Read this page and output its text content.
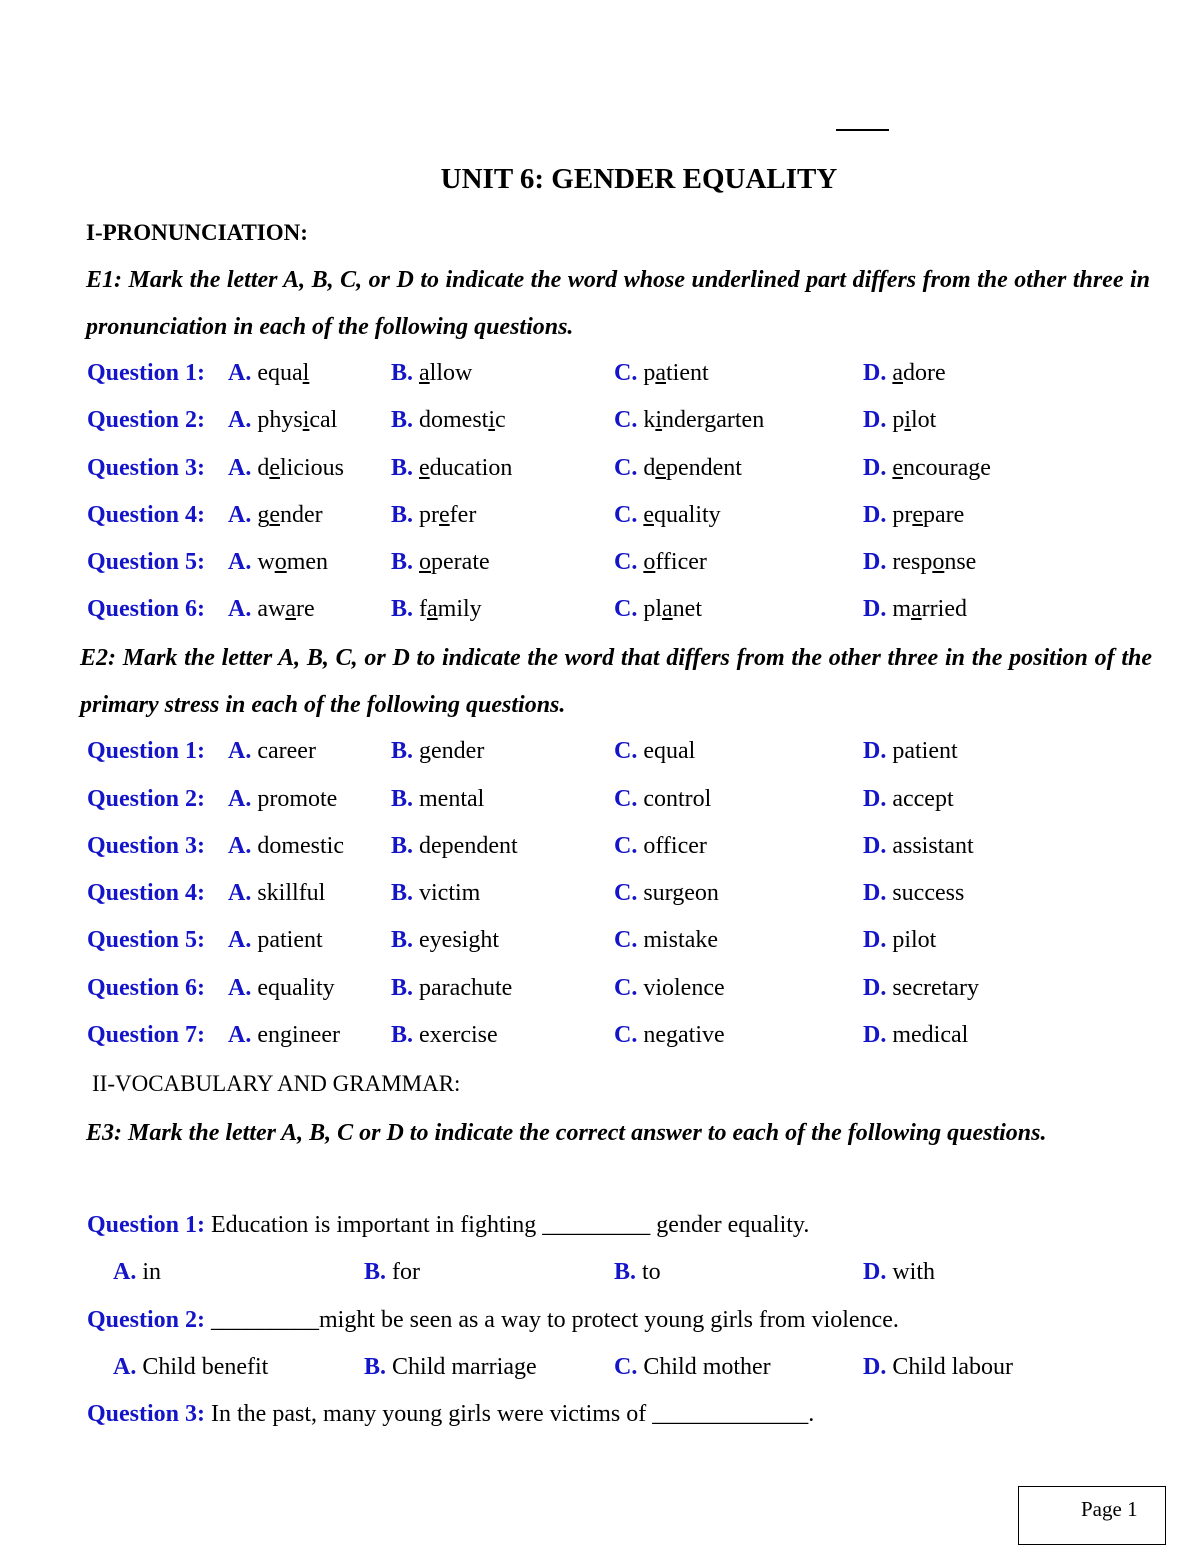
UNIT 6: GENDER EQUALITY
I-PRONUNCIATION:
E1: Mark the letter A, B, C, or D to indicate the word whose underlined part differs from the other three in pronunciation in each of the following questions.
Question 1: A. equal	B. allow	C. patient	D. adore
Question 2: A. physical B. domestic	C. kindergarten	D. pilot
Question 3: A. delicious B. education	C. dependent	D. encourage
Question 4: A. gender	B. prefer	C. equality	D. prepare
Question 5: A. women	B. operate	C. officer	D. response
Question 6: A. aware	B. family	C. planet	D. married
E2: Mark the letter A, B, C, or D to indicate the word that differs from the other three in the position of the primary stress in each of the following questions.
Question 1: A. career	B. gender	C. equal	D. patient
Question 2: A. promote B. mental	C. control	D. accept
Question 3: A. domestic B. dependent	C. officer	D. assistant
Question 4: A. skillful	B. victim	C. surgeon	D. success
Question 5: A. patient	B. eyesight	C. mistake	D. pilot
Question 6: A. equality B. parachute	C. violence	D. secretary
Question 7: A. engineer B. exercise	C. negative	D. medical
II-VOCABULARY AND GRAMMAR:
E3: Mark the letter A, B, C or D to indicate the correct answer to each of the following questions.
Question 1: Education is important in fighting _________ gender equality.
A. in	B. for	B. to	D. with
Question 2: _________might be seen as a way to protect young girls from violence.
A. Child benefit	B. Child marriage	C. Child mother	D. Child labour
Question 3: In the past, many young girls were victims of _____________.
Page 1
